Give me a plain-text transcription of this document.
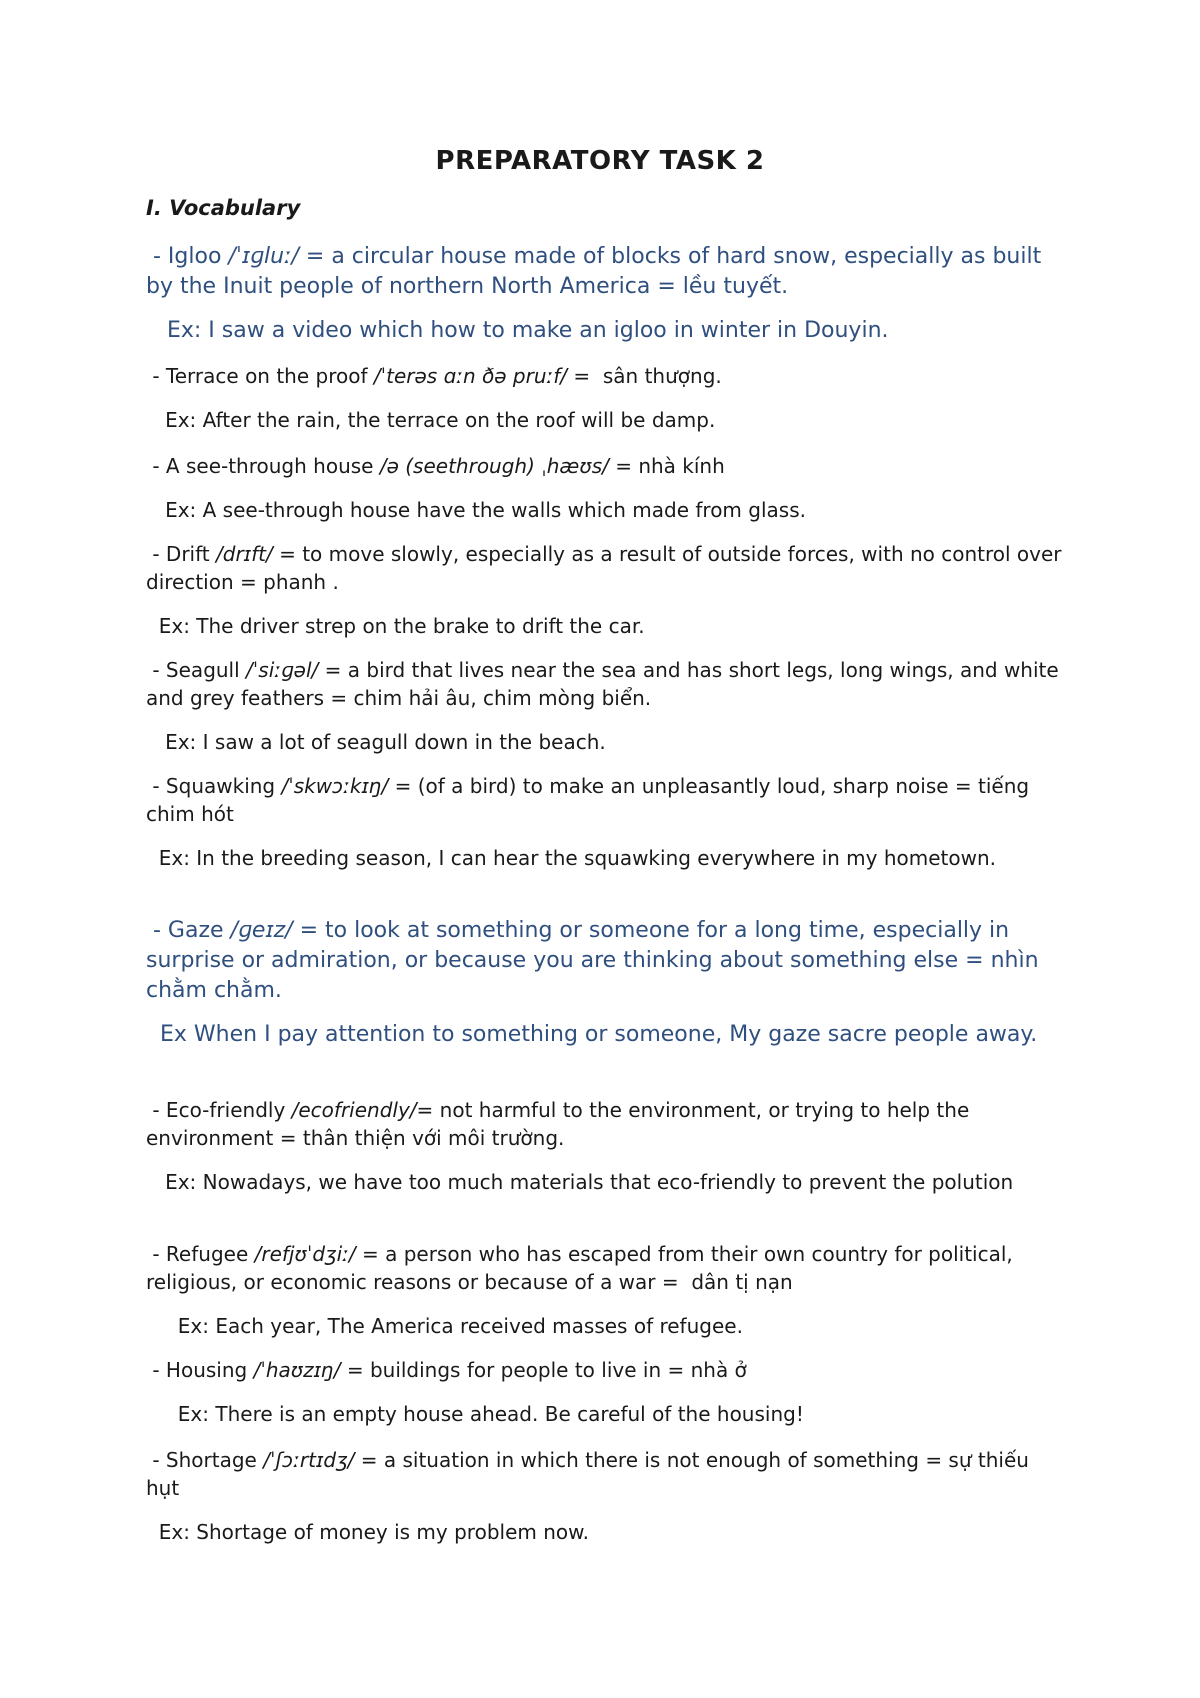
PREPARATORY TASK 2
I. Vocabulary
- Igloo /ˈɪɡluː/ = a circular house made of blocks of hard snow, especially as built by the Inuit people of northern North America = lều tuyết.
Ex: I saw a video which how to make an igloo in winter in Douyin.
- Terrace on the proof /ˈterəs ɑːn ðə pruːf/ =  sân thượng.
Ex: After the rain, the terrace on the roof will be damp.
- A see-through house /ə (seethrough) ˌhæʊs/ = nhà kính
Ex: A see-through house have the walls which made from glass.
- Drift /drɪft/ = to move slowly, especially as a result of outside forces, with no control over direction = phanh .
Ex: The driver strep on the brake to drift the car.
- Seagull /ˈsiːɡəl/ = a bird that lives near the sea and has short legs, long wings, and white and grey feathers = chim hải âu, chim mòng biển.
Ex: I saw a lot of seagull down in the beach.
- Squawking /ˈskwɔːkɪŋ/ = (of a bird) to make an unpleasantly loud, sharp noise = tiếng chim hót
Ex: In the breeding season, I can hear the squawking everywhere in my hometown.
- Gaze /ɡeɪz/ = to look at something or someone for a long time, especially in surprise or admiration, or because you are thinking about something else = nhìn chằm chằm.
Ex When I pay attention to something or someone, My gaze sacre people away.
- Eco-friendly /ecofriendly/= not harmful to the environment, or trying to help the environment = thân thiện với môi trường.
Ex: Nowadays, we have too much materials that eco-friendly to prevent the polution
- Refugee /refjʊˈdʒiː/ = a person who has escaped from their own country for political, religious, or economic reasons or because of a war =  dân tị nạn
Ex: Each year, The America received masses of refugee.
- Housing /ˈhaʊzɪŋ/ = buildings for people to live in = nhà ở
Ex: There is an empty house ahead. Be careful of the housing!
- Shortage /ˈʃɔːrtɪdʒ/ = a situation in which there is not enough of something = sự thiếu hụt
Ex: Shortage of money is my problem now.
